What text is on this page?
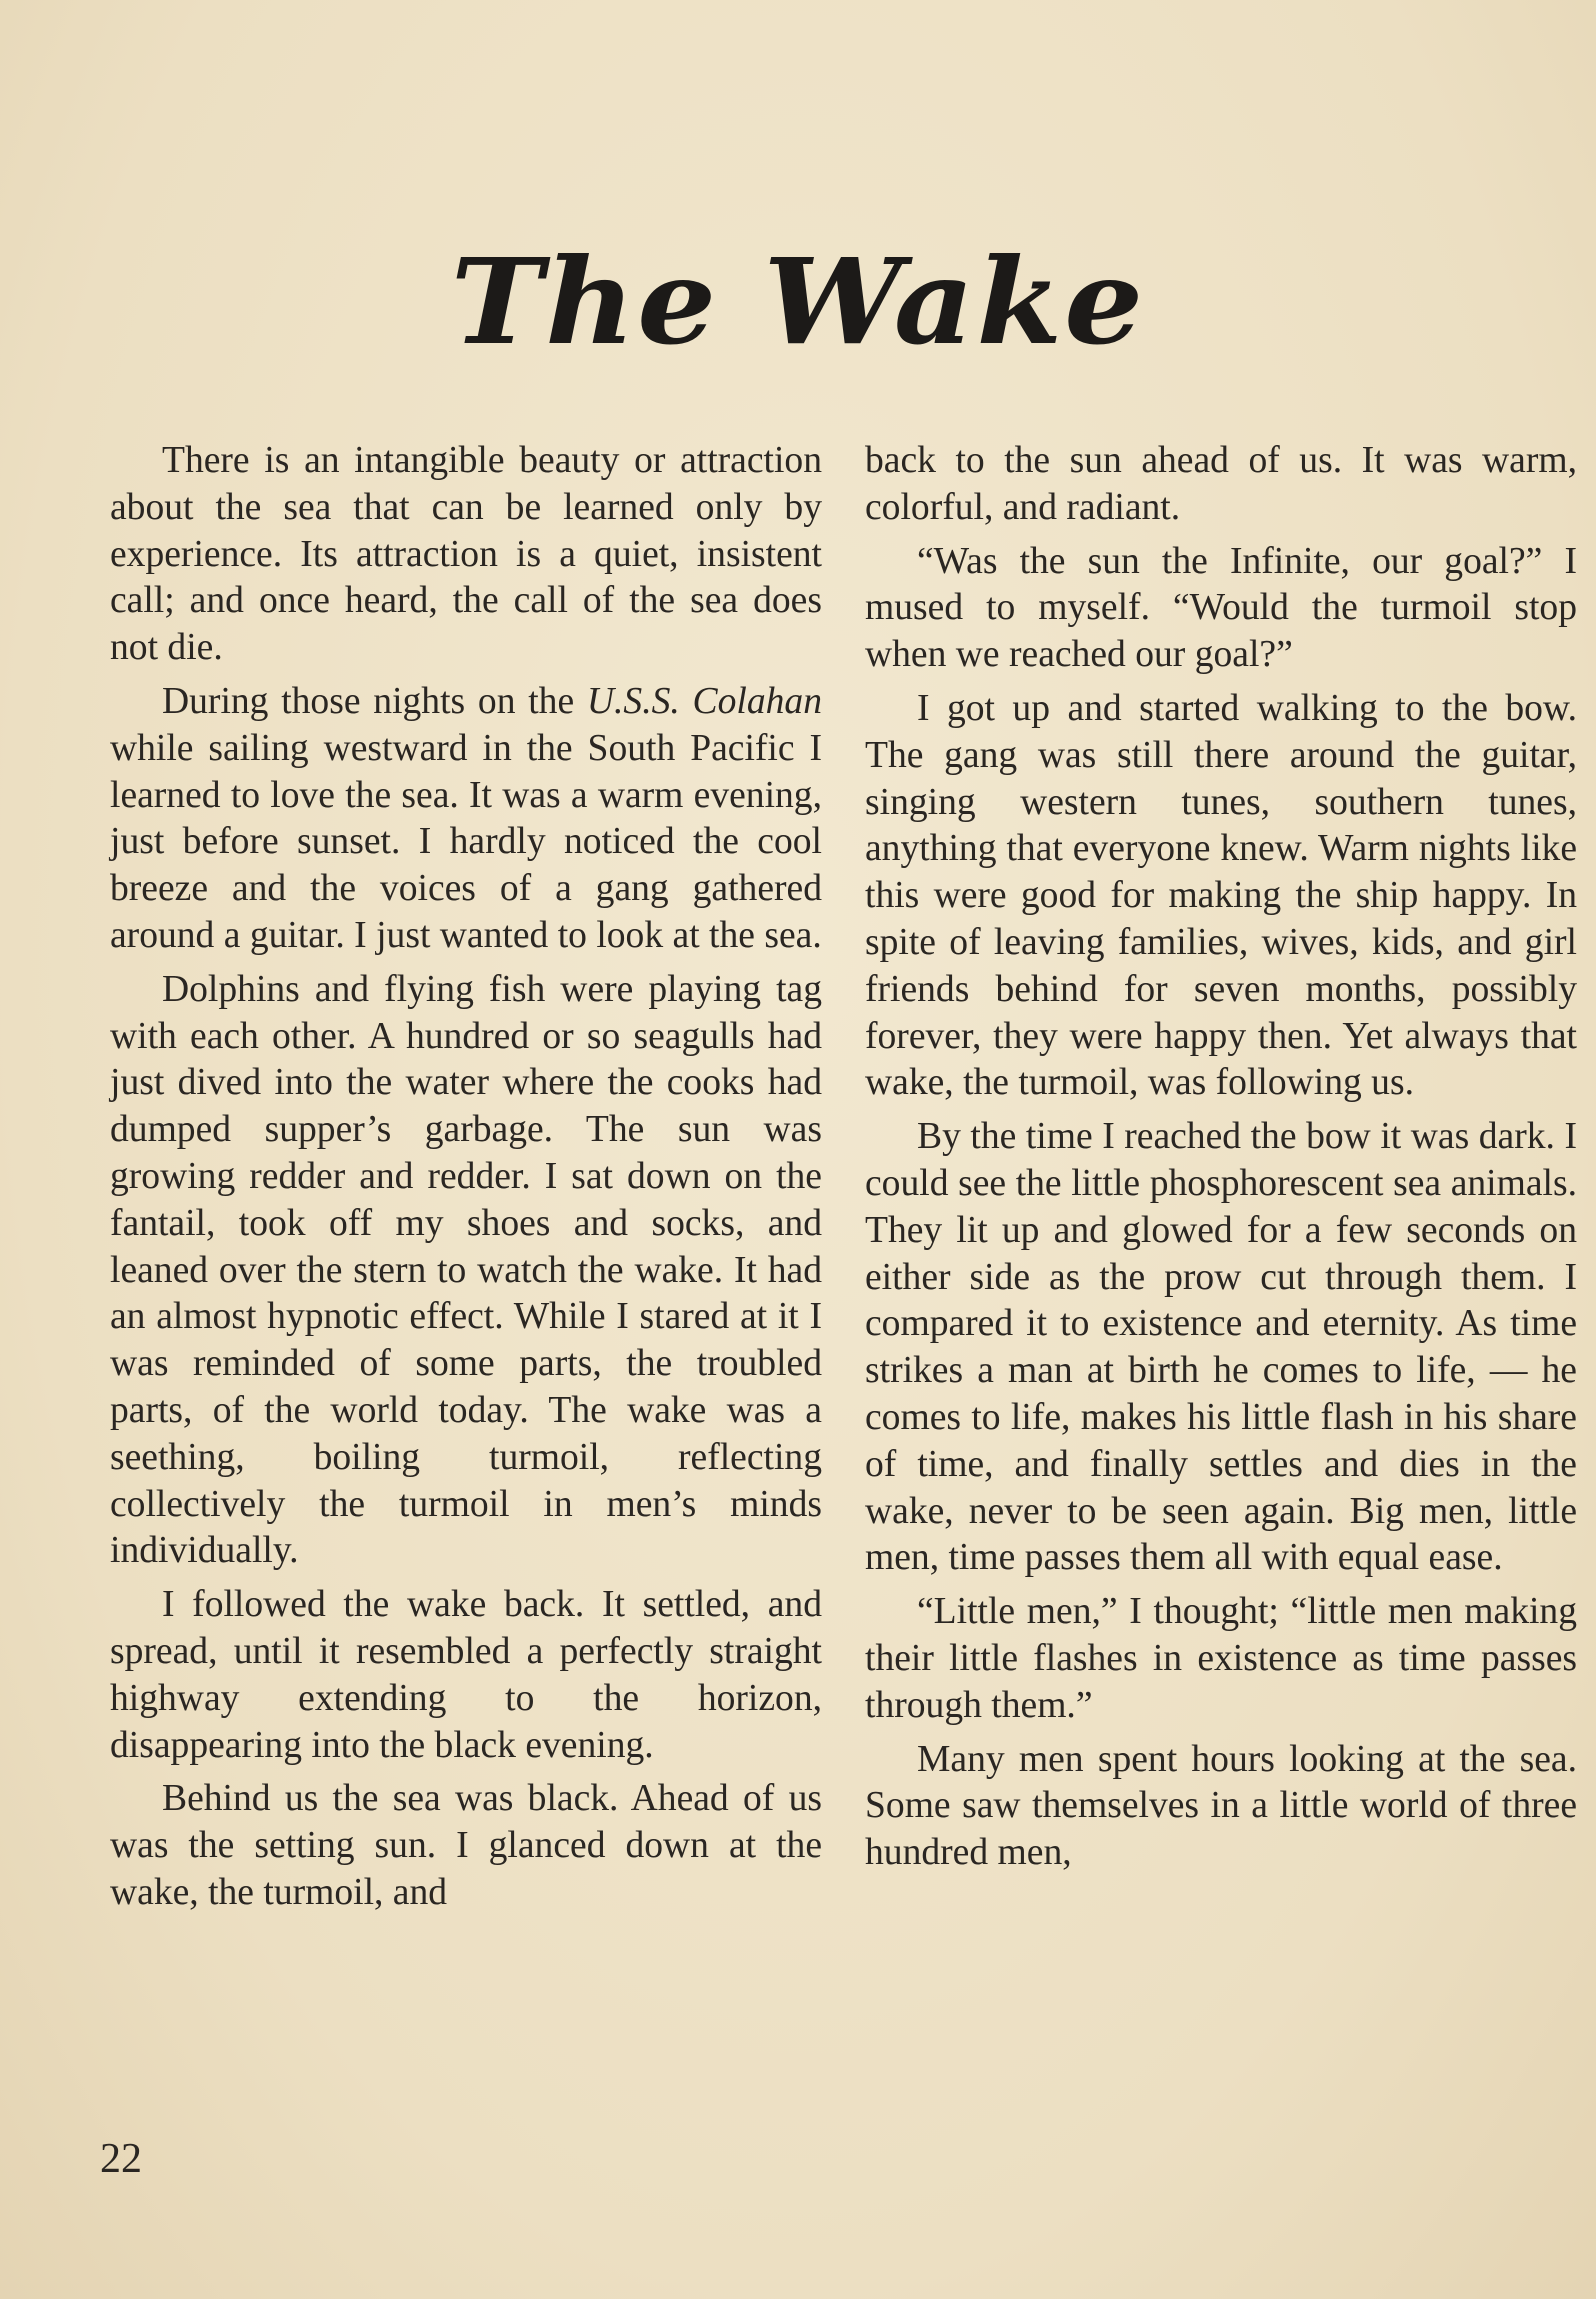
The Wake

There is an intangible beauty or attraction about the sea that can be learned only by experience. Its attraction is a quiet, insistent call; and once heard, the call of the sea does not die.

During those nights on the U.S.S. Colahan while sailing westward in the South Pacific I learned to love the sea. It was a warm evening, just before sunset. I hardly noticed the cool breeze and the voices of a gang gathered around a guitar. I just wanted to look at the sea.

Dolphins and flying fish were playing tag with each other. A hundred or so seagulls had just dived into the water where the cooks had dumped supper’s garbage. The sun was growing redder and redder. I sat down on the fantail, took off my shoes and socks, and leaned over the stern to watch the wake. It had an almost hypnotic effect. While I stared at it I was reminded of some parts, the troubled parts, of the world today. The wake was a seething, boiling turmoil, reflecting collectively the turmoil in men’s minds individually.

I followed the wake back. It settled, and spread, until it resembled a perfectly straight highway extending to the horizon, disappearing into the black evening.

Behind us the sea was black. Ahead of us was the setting sun. I glanced down at the wake, the turmoil, and

back to the sun ahead of us. It was warm, colorful, and radiant.

“Was the sun the Infinite, our goal?” I mused to myself. “Would the turmoil stop when we reached our goal?”

I got up and started walking to the bow. The gang was still there around the guitar, singing western tunes, southern tunes, anything that everyone knew. Warm nights like this were good for making the ship happy. In spite of leaving families, wives, kids, and girl friends behind for seven months, possibly forever, they were happy then. Yet always that wake, the turmoil, was following us.

By the time I reached the bow it was dark. I could see the little phosphorescent sea animals. They lit up and glowed for a few seconds on either side as the prow cut through them. I compared it to existence and eternity. As time strikes a man at birth he comes to life, — he comes to life, makes his little flash in his share of time, and finally settles and dies in the wake, never to be seen again. Big men, little men, time passes them all with equal ease.

“Little men,” I thought; “little men making their little flashes in existence as time passes through them.”

Many men spent hours looking at the sea. Some saw themselves in a little world of three hundred men,

22
